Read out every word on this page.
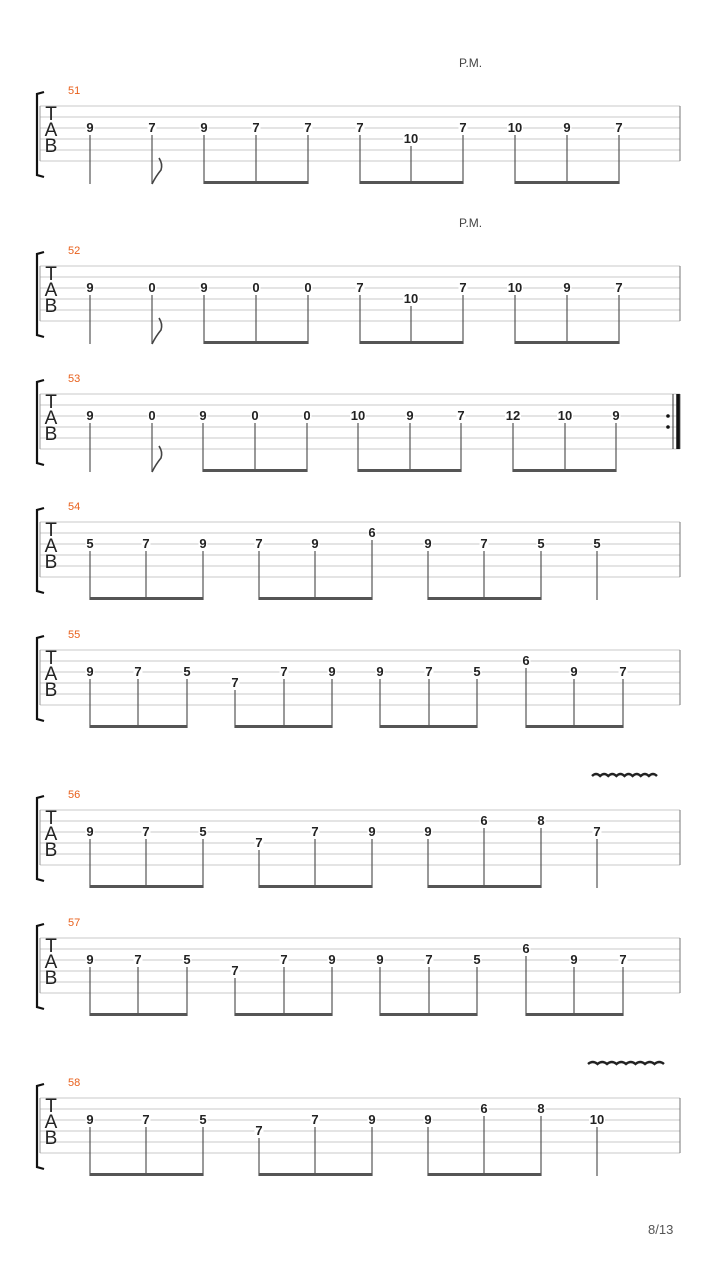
T
A
B
51
P.M.
9	7	9	7	7	7
10
7	10	9	7
T
A
B
52
P.M.
9	0	9	0	0	7
10
7	10	9	7
T
A
B
53
9	0	9	0	0	10	9	7	12	10	9
T
A
B
54
5	7	9	7	9
6
9	7	5	5
T
A
B
55
9	7	5
7
7	9	9	7	5
6
9	7
T
A
B
56
9	7	5
7
7	9	9
6	8
7
T
A
B
57
9	7	5
7
7	9	9	7	5
6
9	7
T
A
B
58
9	7	5
7
7	9	9
6	8
10
8/13
